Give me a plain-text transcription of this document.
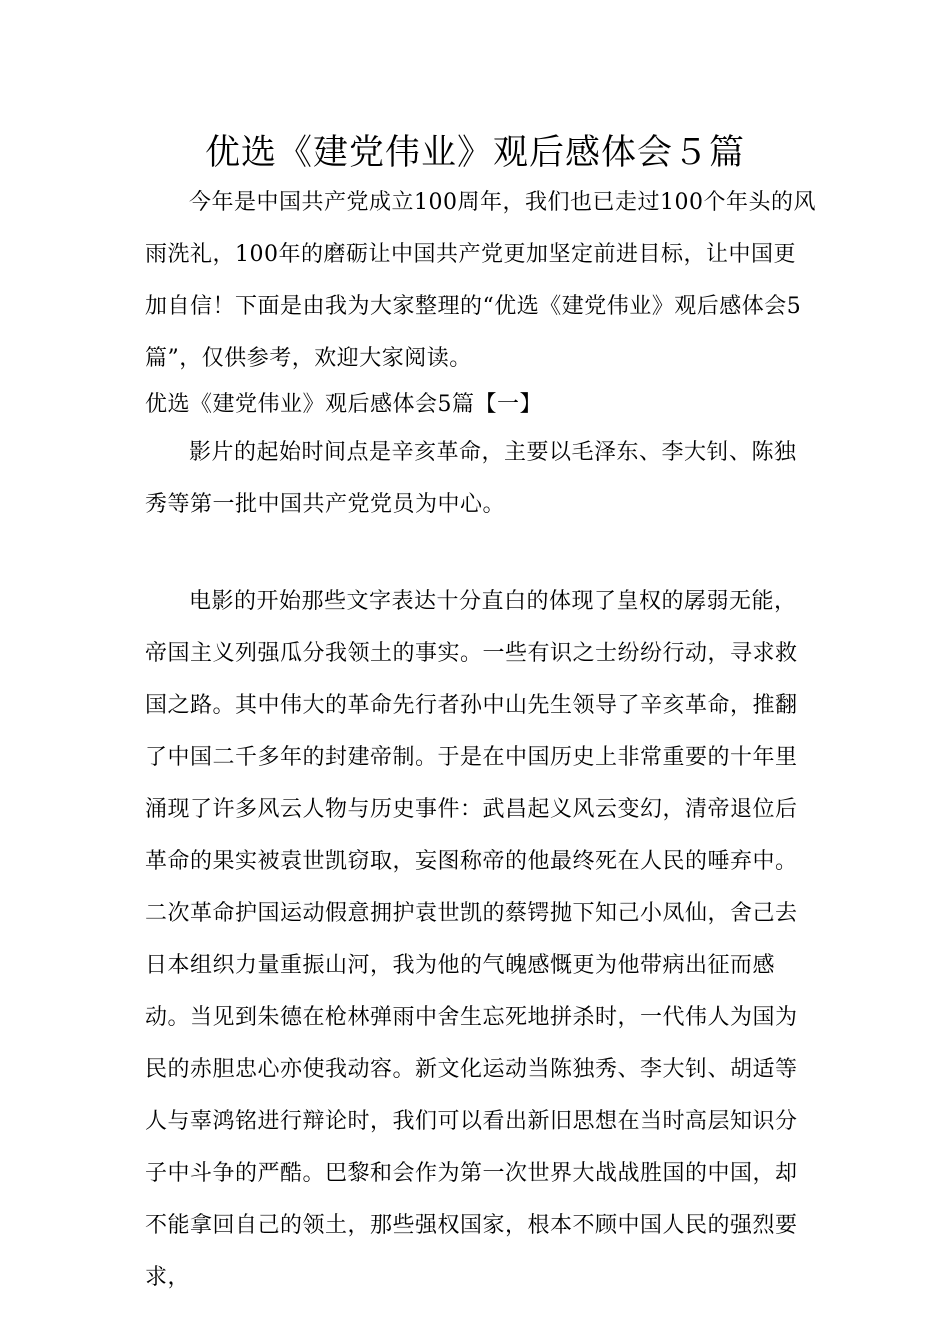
优选《建党伟业》观后感体会５篇

今年是中国共产党成立100周年，我们也已走过100个年头的风雨洗礼，100年的磨砺让中国共产党更加坚定前进目标，让中国更加自信！下面是由我为大家整理的“优选《建党伟业》观后感体会5篇”，仅供参考，欢迎大家阅读。

优选《建党伟业》观后感体会5篇【一】

影片的起始时间点是辛亥革命，主要以毛泽东、李大钊、陈独秀等第一批中国共产党党员为中心。

电影的开始那些文字表达十分直白的体现了皇权的孱弱无能，帝国主义列强瓜分我领土的事实。一些有识之士纷纷行动，寻求救国之路。其中伟大的革命先行者孙中山先生领导了辛亥革命，推翻了中国二千多年的封建帝制。于是在中国历史上非常重要的十年里涌现了许多风云人物与历史事件：武昌起义风云变幻，清帝退位后革命的果实被袁世凯窃取，妄图称帝的他最终死在人民的唾弃中。二次革命护国运动假意拥护袁世凯的蔡锷抛下知己小凤仙，舍己去日本组织力量重振山河，我为他的气魄感慨更为他带病出征而感动。当见到朱德在枪林弹雨中舍生忘死地拼杀时，一代伟人为国为民的赤胆忠心亦使我动容。新文化运动当陈独秀、李大钊、胡适等人与辜鸿铭进行辩论时，我们可以看出新旧思想在当时高层知识分子中斗争的严酷。巴黎和会作为第一次世界大战战胜国的中国，却不能拿回自己的领土，那些强权国家，根本不顾中国人民的强烈要求，
